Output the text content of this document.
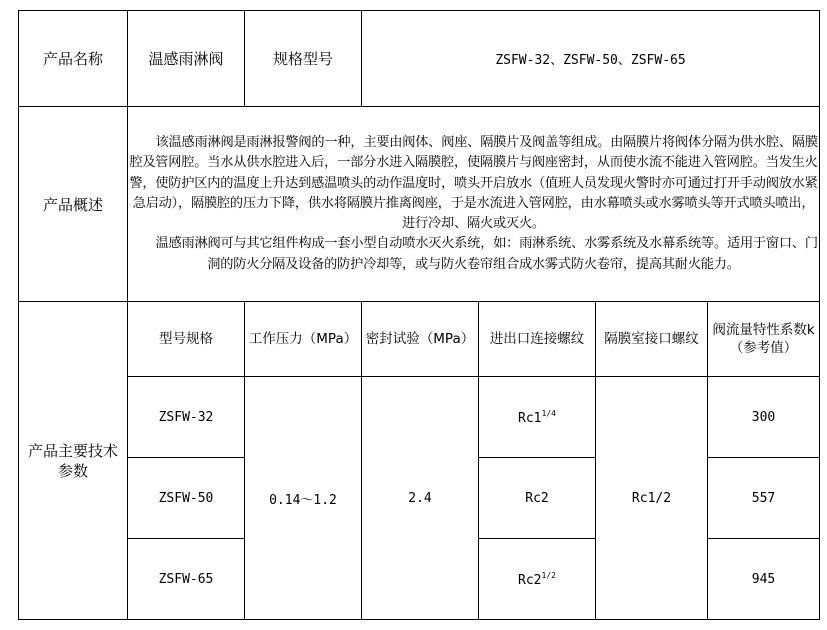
产品名称	温感雨淋阀	规格型号	ZSFW-32、ZSFW-50、ZSFW-65			
产品概述	该温感雨淋阀是雨淋报警阀的一种，主要由阀体、阀座、隔膜片及阀盖等组成。由隔膜片将阀体分隔为供水腔、隔膜腔及管网腔。当水从供水腔进入后，一部分水进入隔膜腔，使隔膜片与阀座密封，从而使水流不能进入管网腔。当发生火警，使防护区内的温度上升达到感温喷头的动作温度时，喷头开启放水（值班人员发现火警时亦可通过打开手动阀放水紧急启动），隔膜腔的压力下降，供水将隔膜片推离阀座，于是水流进入管网腔，由水幕喷头或水雾喷头等开式喷头喷出，进行冷却、隔火或灭火。

温感雨淋阀可与其它组件构成一套小型自动喷水灭火系统，如：雨淋系统、水雾系统及水幕系统等。适用于窗口、门洞的防火分隔及设备的防护冷却等，或与防火卷帘组合成水雾式防火卷帘，提高其耐火能力。					

产品主要技术参数	型号规格	工作压力（MPa）	密封试验（MPa）	进出口连接螺纹	隔膜室接口螺纹	阀流量特性系数k（参考值）
	ZSFW-32	0.14～1.2	2.4	$Rc1^{1/4}$	Rc1/2	300
	ZSFW-50			Rc2		557
	ZSFW-65			$Rc2^{1/2}$		945
